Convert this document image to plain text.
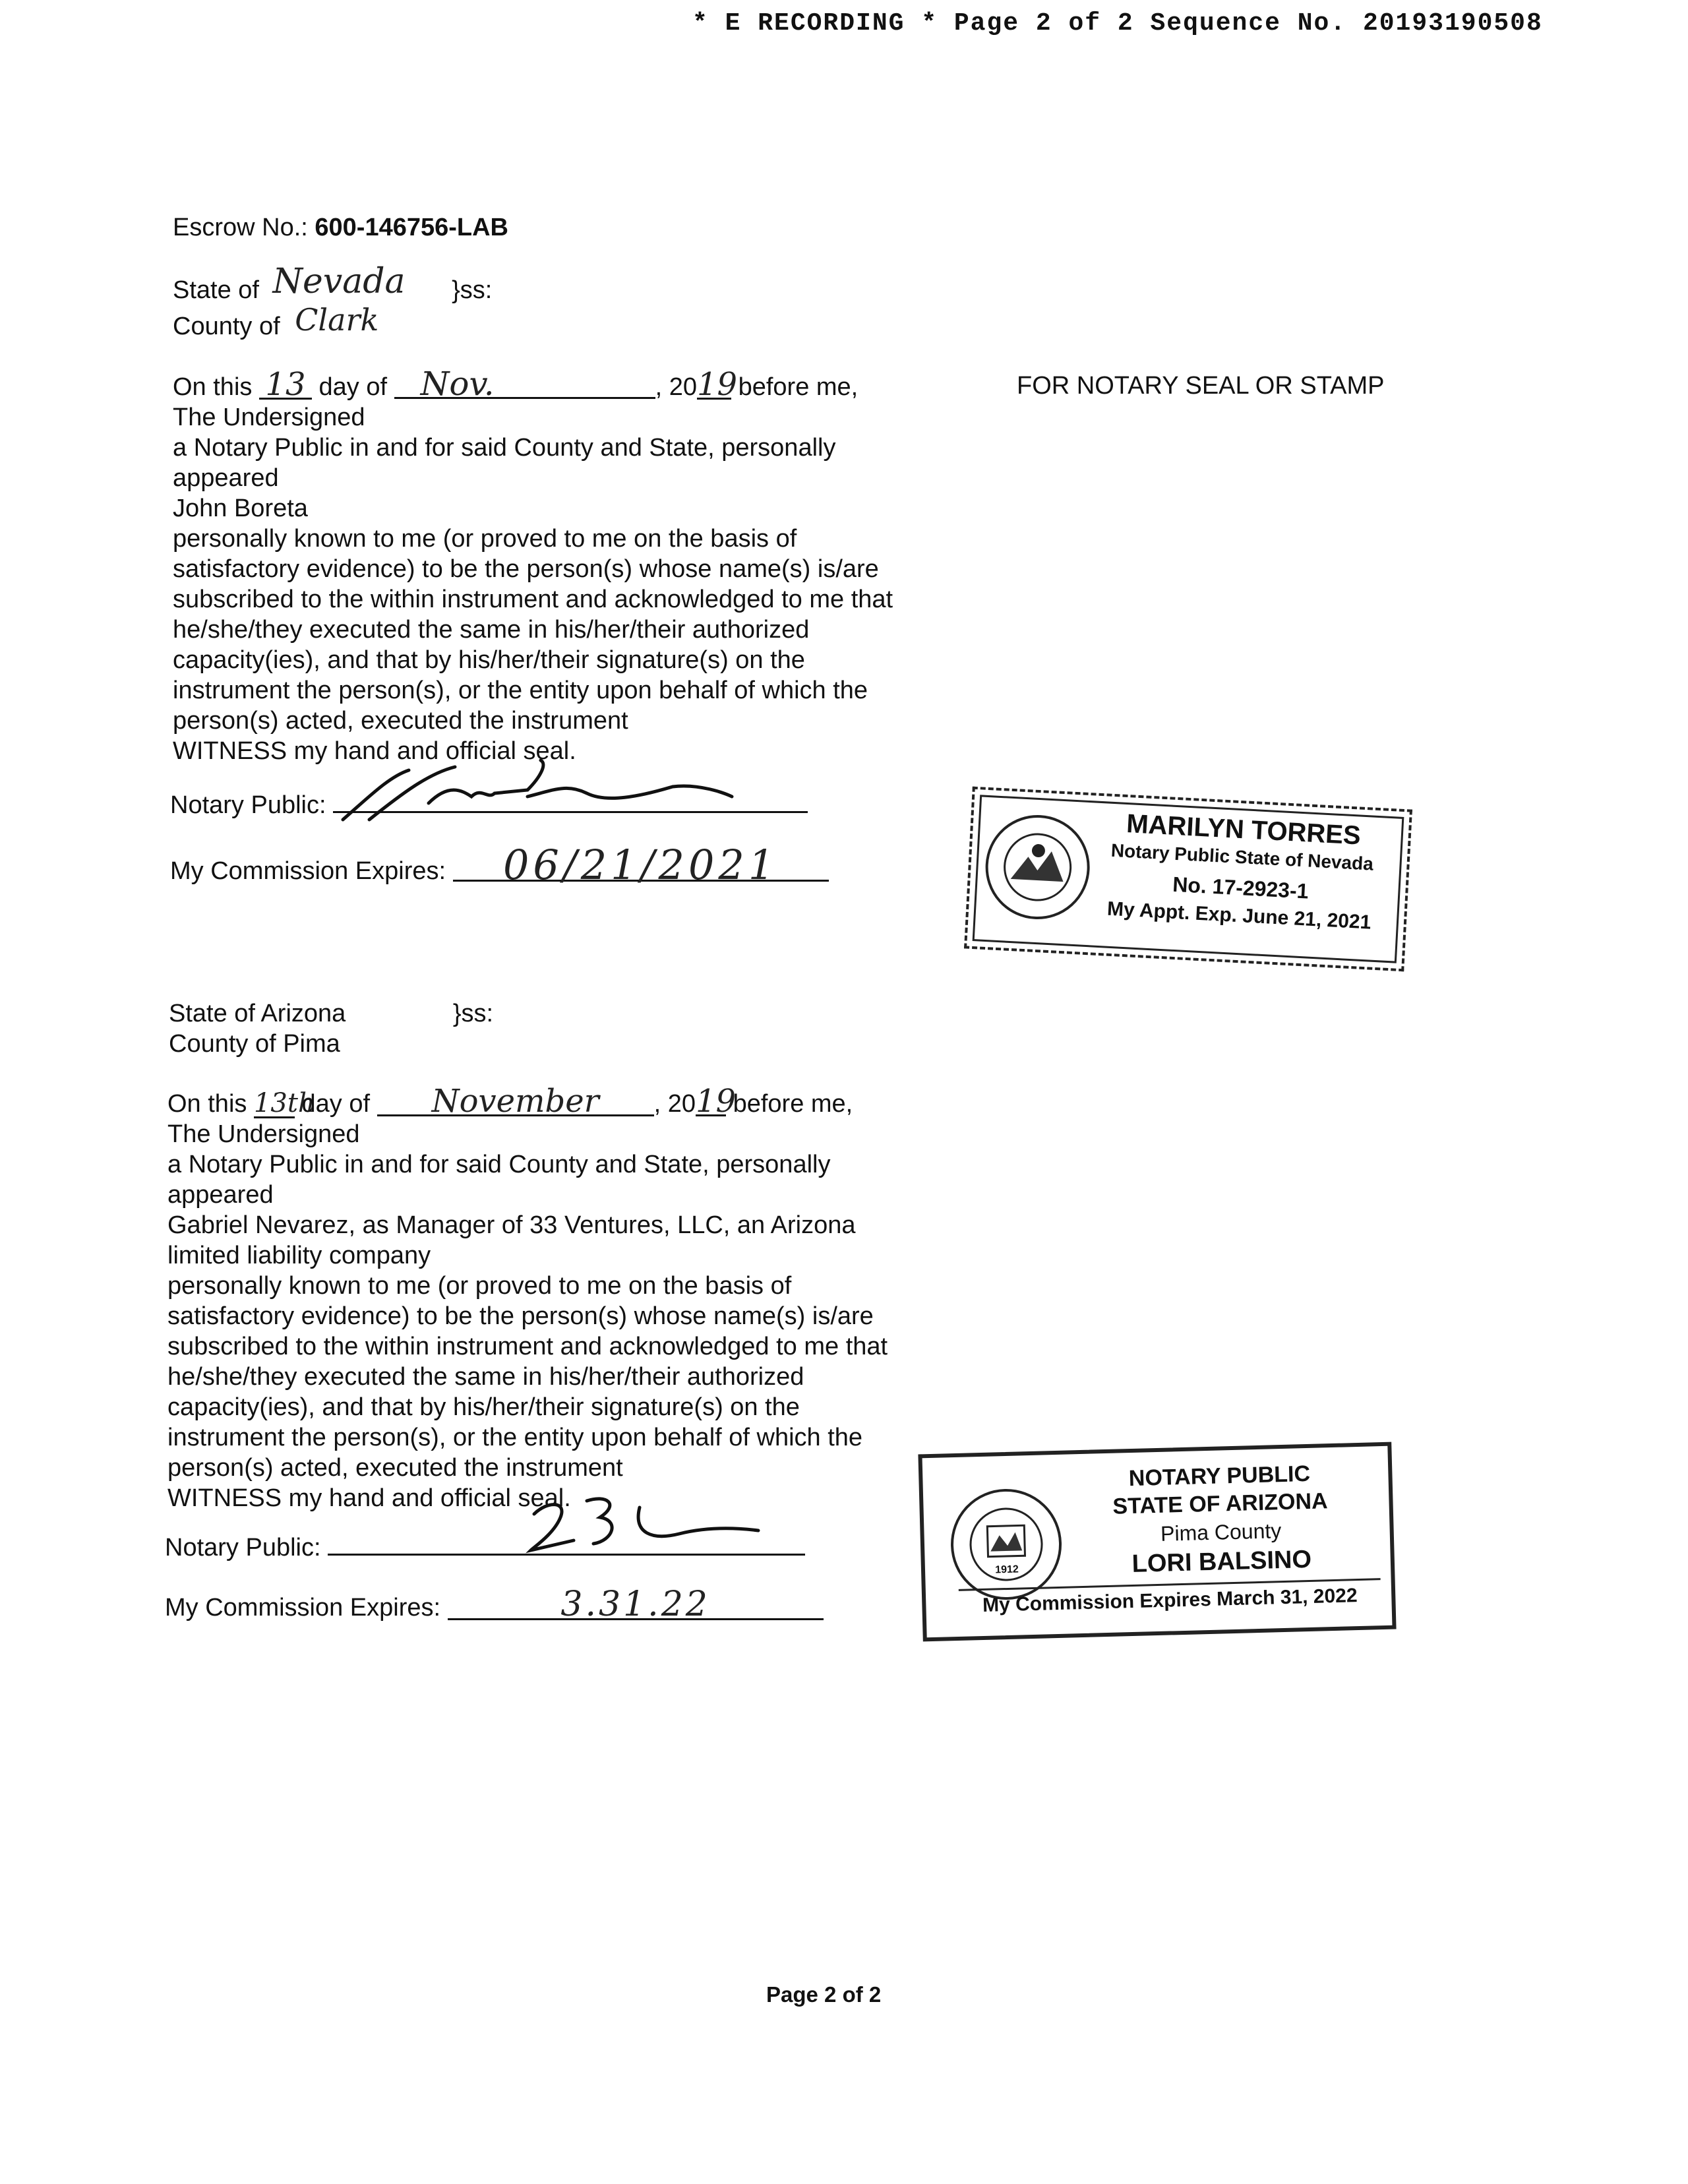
* E RECORDING * Page 2 of 2 Sequence No. 20193190508
Escrow No.: 600-146756-LAB
State of Nevada }ss:
County of Clark
On this 13 day of Nov.	, 2019 before me,
The Undersigned
a Notary Public in and for said County and State, personally
appeared
John Boreta
personally known to me (or proved to me on the basis of
satisfactory evidence) to be the person(s) whose name(s) is/are
subscribed to the within instrument and acknowledged to me that
he/she/they executed the same in his/her/their authorized
capacity(ies), and that by his/her/their signature(s) on the
instrument the person(s), or the entity upon behalf of which the
person(s) acted, executed the instrument
WITNESS my hand and official seal.
Notary Public:
My Commission Expires: 06/21/2021
FOR NOTARY SEAL OR STAMP
MARILYN TORRES
Notary Public State of Nevada
No. 17-2923-1
My Appt. Exp. June 21, 2021
State of Arizona	}ss:
County of Pima
On this 13th day of November , 2019 before me,
The Undersigned
a Notary Public in and for said County and State, personally
appeared
Gabriel Nevarez, as Manager of 33 Ventures, LLC, an Arizona
limited liability company
personally known to me (or proved to me on the basis of
satisfactory evidence) to be the person(s) whose name(s) is/are
subscribed to the within instrument and acknowledged to me that
he/she/they executed the same in his/her/their authorized
capacity(ies), and that by his/her/their signature(s) on the
instrument the person(s), or the entity upon behalf of which the
person(s) acted, executed the instrument
WITNESS my hand and official seal.
Notary Public:
My Commission Expires:	3.31.22
1912
NOTARY PUBLIC
STATE OF ARIZONA
Pima County
LORI BALSINO
My Commission Expires March 31, 2022
Page 2 of 2
